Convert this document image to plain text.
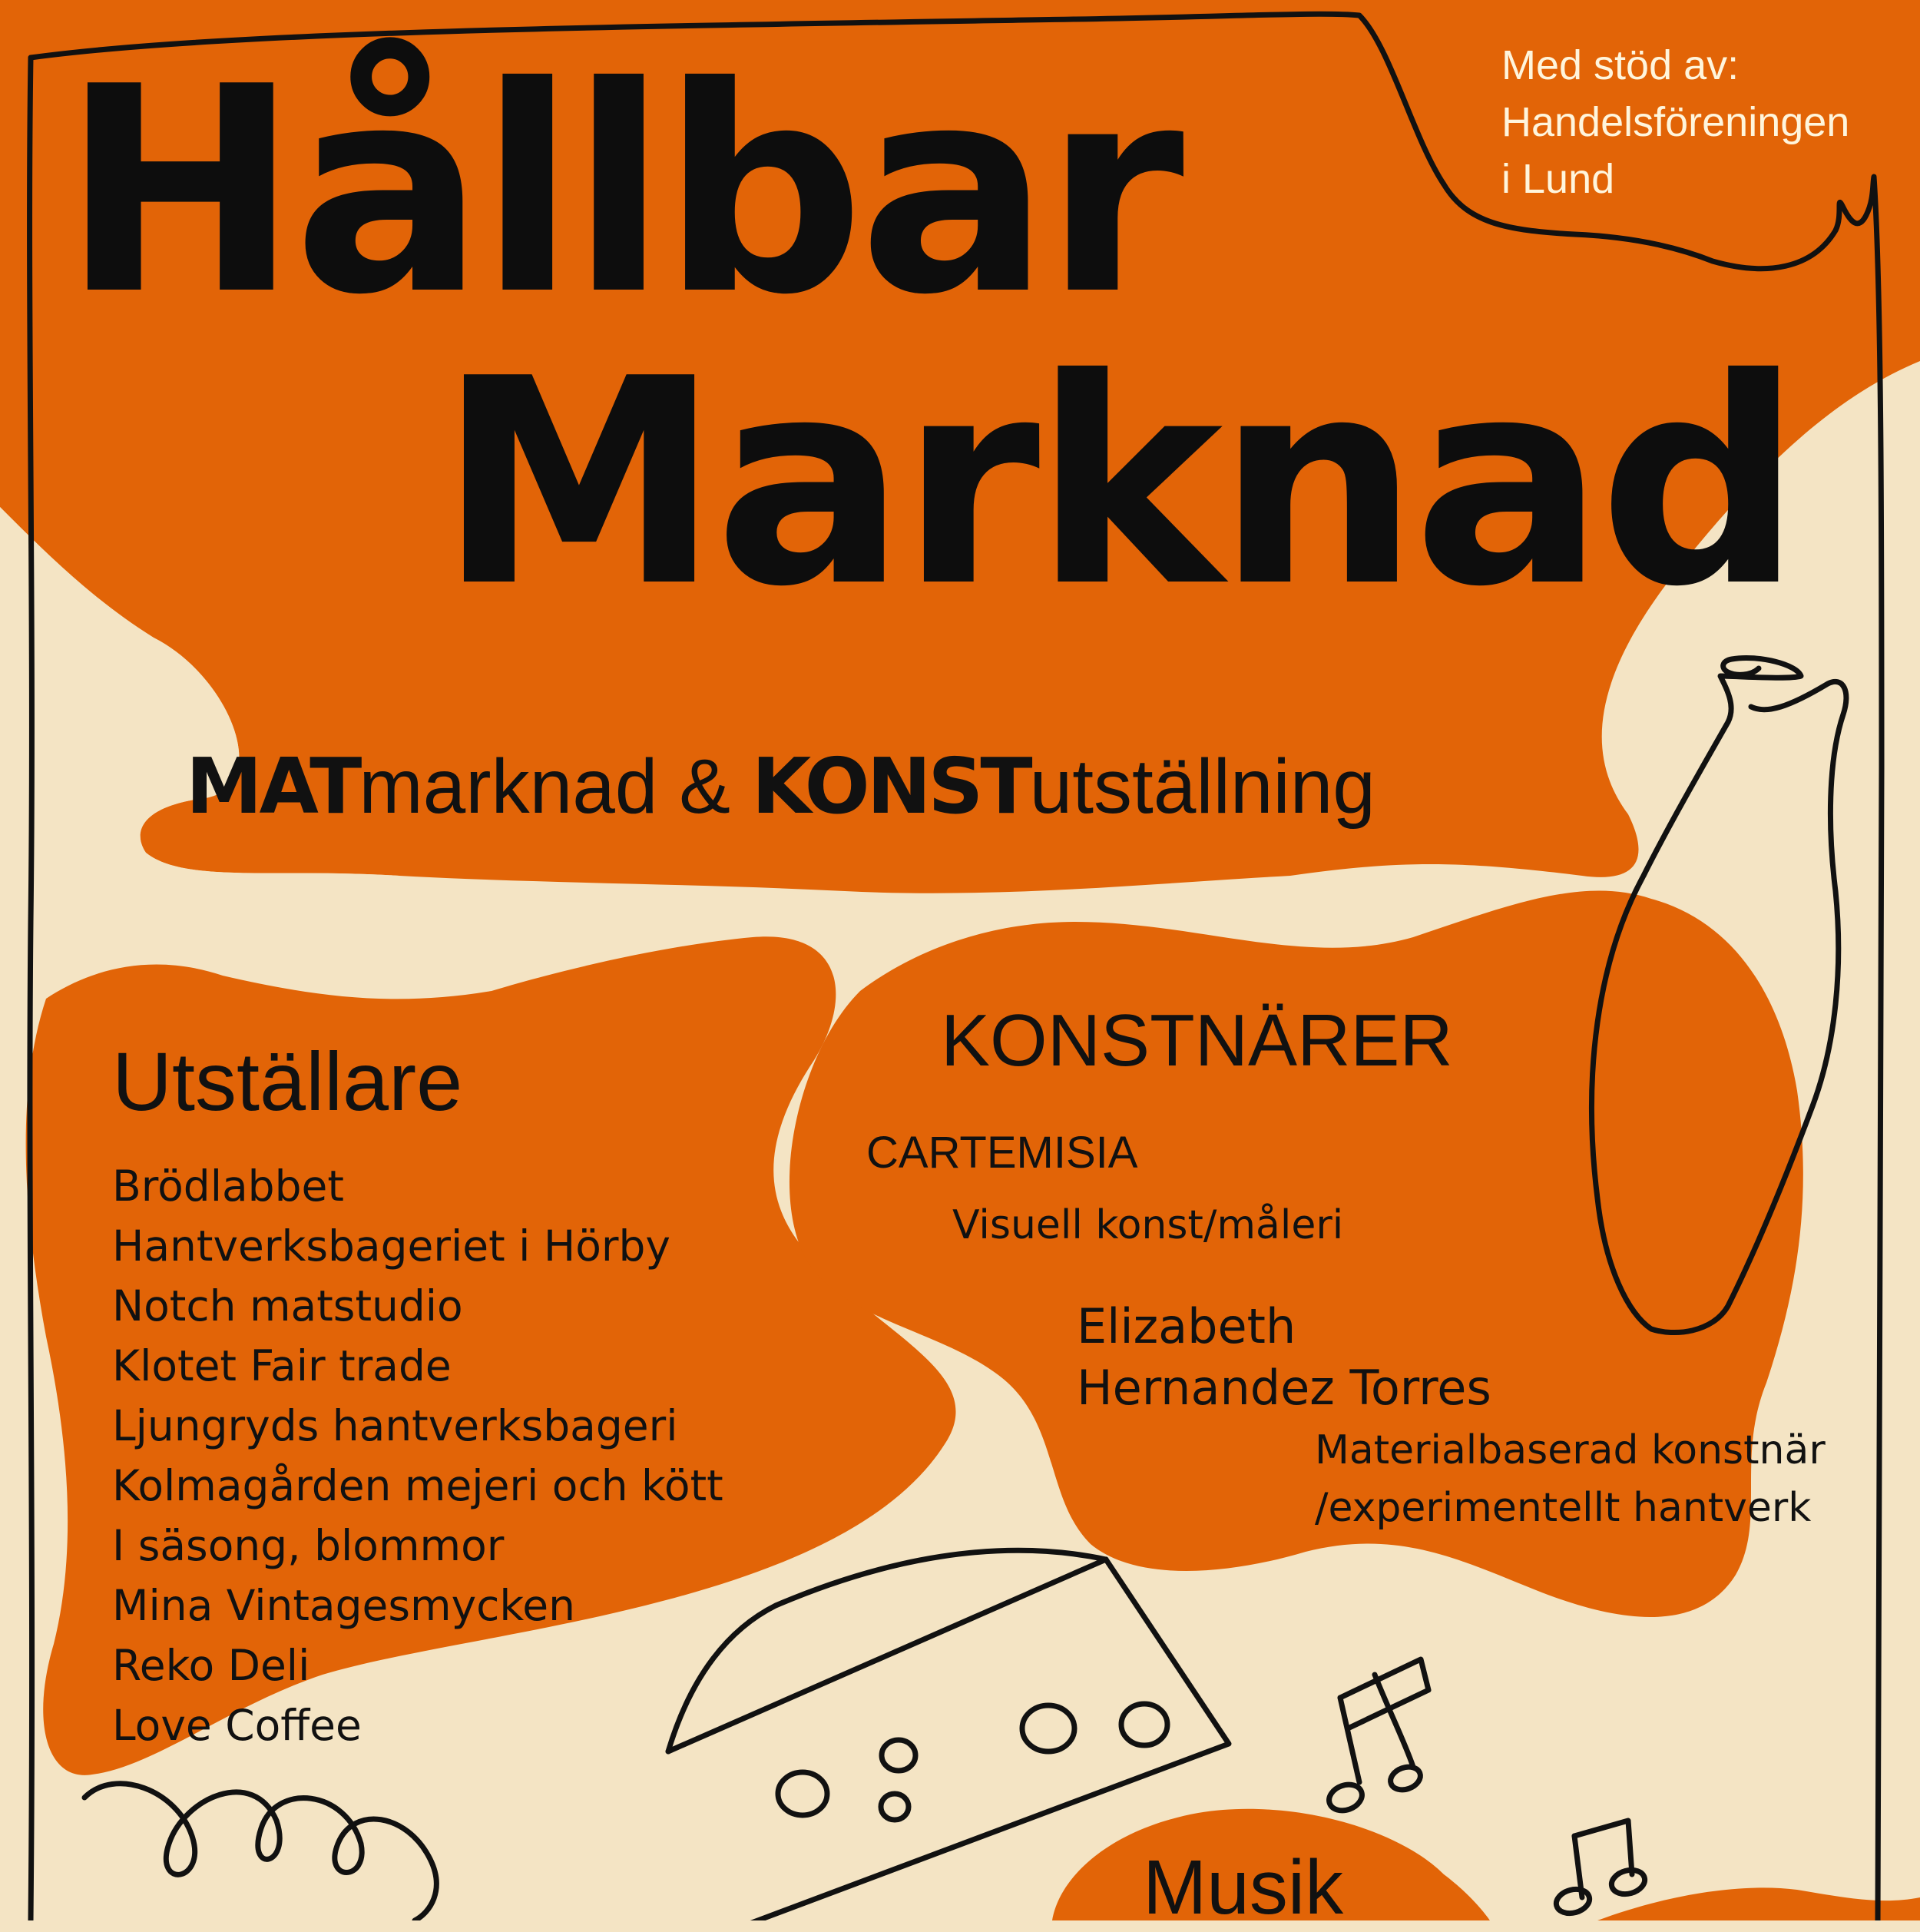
Hållbar
Marknad
Med stöd av:
Handelsföreningen
i Lund
MATmarknad & KONSTutställning
Utställare
Brödlabbet
Hantverksbageriet i Hörby
Notch matstudio
Klotet Fair trade
Ljungryds hantverksbageri
Kolmagården mejeri och kött
I säsong, blommor
Mina Vintagesmycken
Reko Deli
Love Coffee
KONSTNÄRER
CARTEMISIA
Visuell konst/måleri
Elizabeth
Hernandez Torres
Materialbaserad konstnär
/experimentellt hantverk
Musik
